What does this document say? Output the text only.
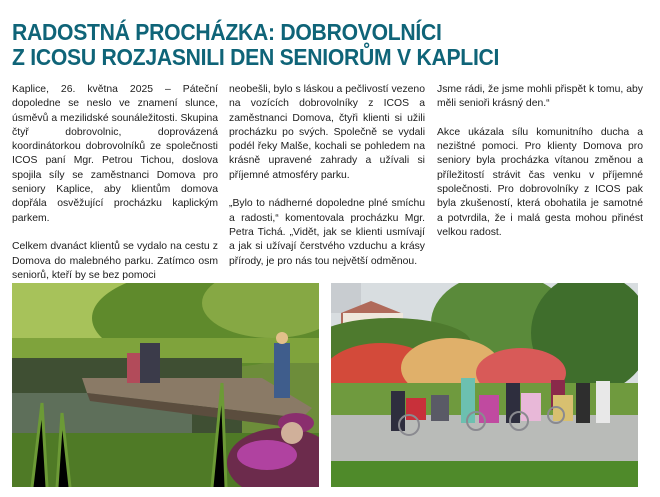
RADOSTNÁ PROCHÁZKA: DOBROVOLNÍCI
Z ICOSU ROZJASNILI DEN SENIORŮM V KAPLICI

Kaplice, 26. května 2025 – Páteční dopoledne se neslo ve znamení slunce, úsměvů a mezilidské sounáležitosti. Skupina čtyř dobrovolnic, doprovázená koordinátorkou dobrovolníků ze společnosti ICOS paní Mgr. Petrou Tichou, doslova spojila síly se zaměstnanci Domova pro seniory Kaplice, aby klientům domova dopřála osvěžující procházku kaplickým parkem.

Celkem dvanáct klientů se vydalo na cestu z Domova do malebného parku. Zatímco osm seniorů, kteří by se bez pomoci

neobešli, bylo s láskou a pečlivostí vezeno na vozících dobrovolníky z ICOS a zaměstnanci Domova, čtyři klienti si užili procházku po svých. Společně se vydali podél řeky Malše, kochali se pohledem na krásně upravené zahrady a užívali si příjemné atmosféry parku.

„Bylo to nádherné dopoledne plné smíchu a radosti,“ komentovala procházku Mgr. Petra Tichá. „Vidět, jak se klienti usmívají a jak si užívají čerstvého vzduchu a krásy přírody, je pro nás tou největší odměnou.

Jsme rádi, že jsme mohli přispět k tomu, aby měli senioři krásný den.“

Akce ukázala sílu komunitního ducha a nezištné pomoci. Pro klienty Domova pro seniory byla procházka vítanou změnou a příležitostí strávit čas venku v příjemné společnosti. Pro dobrovolníky z ICOS pak byla zkušeností, která obohatila je samotné a potvrdila, že i malá gesta mohou přinést velkou radost.
